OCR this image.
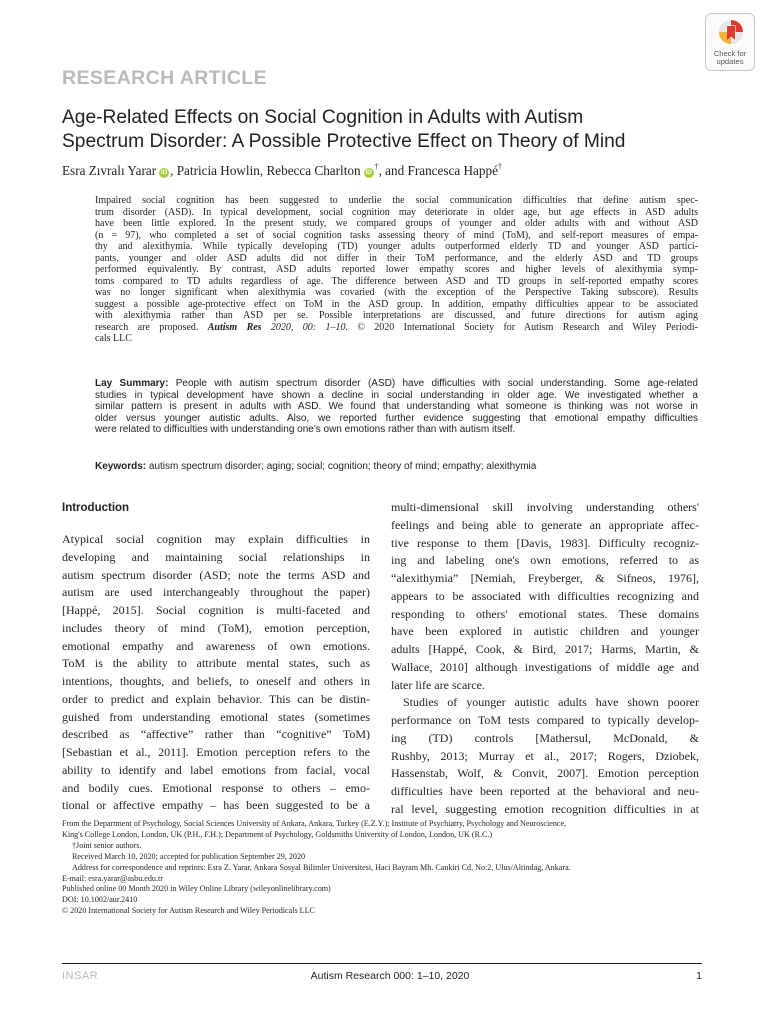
Check for
updates
RESEARCH ARTICLE
Age-Related Effects on Social Cognition in Adults with Autism
Spectrum Disorder: A Possible Protective Effect on Theory of Mind
Esra Zıvralı Yarar iD , Patricia Howlin, Rebecca Charlton iD†, and Francesca Happé†
Impaired social cognition has been suggested to underlie the social communication difficulties that define autism spec-
trum disorder (ASD). In typical development, social cognition may deteriorate in older age, but age effects in ASD adults
have been little explored. In the present study, we compared groups of younger and older adults with and without ASD
(n = 97), who completed a set of social cognition tasks assessing theory of mind (ToM), and self-report measures of empa-
thy and alexithymia. While typically developing (TD) younger adults outperformed elderly TD and younger ASD partici-
pants, younger and older ASD adults did not differ in their ToM performance, and the elderly ASD and TD groups
performed equivalently. By contrast, ASD adults reported lower empathy scores and higher levels of alexithymia symp-
toms compared to TD adults regardless of age. The difference between ASD and TD groups in self-reported empathy scores
was no longer significant when alexithymia was covaried (with the exception of the Perspective Taking subscore). Results
suggest a possible age-protective effect on ToM in the ASD group. In addition, empathy difficulties appear to be associated
with alexithymia rather than ASD per se. Possible interpretations are discussed, and future directions for autism aging
research are proposed. Autism Res 2020, 00: 1–10. © 2020 International Society for Autism Research and Wiley Periodi-
cals LLC
Lay Summary: People with autism spectrum disorder (ASD) have difficulties with social understanding. Some age-related
studies in typical development have shown a decline in social understanding in older age. We investigated whether a
similar pattern is present in adults with ASD. We found that understanding what someone is thinking was not worse in
older versus younger autistic adults. Also, we reported further evidence suggesting that emotional empathy difficulties
were related to difficulties with understanding one's own emotions rather than with autism itself.
Keywords: autism spectrum disorder; aging; social; cognition; theory of mind; empathy; alexithymia
Introduction
Atypical social cognition may explain difficulties in
developing and maintaining social relationships in
autism spectrum disorder (ASD; note the terms ASD and
autism are used interchangeably throughout the paper)
[Happé, 2015]. Social cognition is multi-faceted and
includes theory of mind (ToM), emotion perception,
emotional empathy and awareness of own emotions.
ToM is the ability to attribute mental states, such as
intentions, thoughts, and beliefs, to oneself and others in
order to predict and explain behavior. This can be distin-
guished from understanding emotional states (sometimes
described as “affective” rather than “cognitive” ToM)
[Sebastian et al., 2011]. Emotion perception refers to the
ability to identify and label emotions from facial, vocal
and bodily cues. Emotional response to others – emo-
tional or affective empathy – has been suggested to be a
multi-dimensional skill involving understanding others'
feelings and being able to generate an appropriate affec-
tive response to them [Davis, 1983]. Difficulty recogniz-
ing and labeling one's own emotions, referred to as
“alexithymia” [Nemiah, Freyberger, & Sifneos, 1976],
appears to be associated with difficulties recognizing and
responding to others' emotional states. These domains
have been explored in autistic children and younger
adults [Happé, Cook, & Bird, 2017; Harms, Martin, &
Wallace, 2010] although investigations of middle age and
later life are scarce.
Studies of younger autistic adults have shown poorer
performance on ToM tests compared to typically develop-
ing (TD) controls [Mathersul, McDonald, &
Rushby, 2013; Murray et al., 2017; Rogers, Dziobek,
Hassenstab, Wolf, & Convit, 2007]. Emotion perception
difficulties have been reported at the behavioral and neu-
ral level, suggesting emotion recognition difficulties in at
From the Department of Psychology, Social Sciences University of Ankara, Ankara, Turkey (E.Z.Y.); Institute of Psychiatry, Psychology and Neuroscience,
King's College London, London, UK (P.H., F.H.); Department of Psychology, Goldsmiths University of London, London, UK (R.C.)
†Joint senior authors.
Received March 10, 2020; accepted for publication September 29, 2020
Address for correspondence and reprints: Esra Z. Yarar, Ankara Sosyal Bilimler Universitesi, Haci Bayram Mh. Cankiri Cd. No:2, Ulus/Altindag, Ankara.
E-mail: esra.yarar@asbu.edu.tr
Published online 00 Month 2020 in Wiley Online Library (wileyonlinelibrary.com)
DOI: 10.1002/aur.2410
© 2020 International Society for Autism Research and Wiley Periodicals LLC
INSAR	Autism Research 000: 1–10, 2020	1
